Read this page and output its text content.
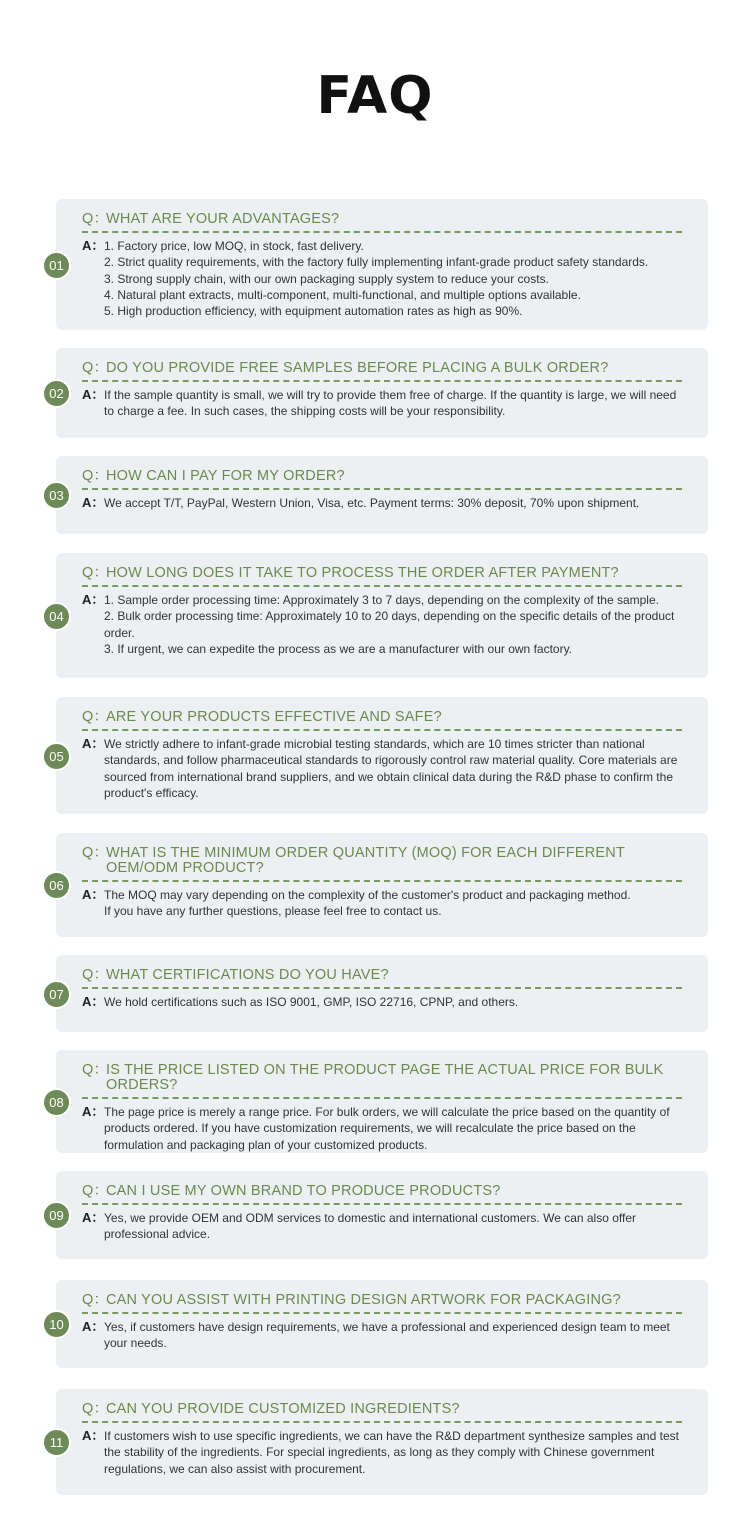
FAQ
01
Q：
WHAT ARE YOUR ADVANTAGES?
A： 1. Factory price, low MOQ, in stock, fast delivery.
2. Strict quality requirements, with the factory fully implementing infant-grade product safety standards.
3. Strong supply chain, with our own packaging supply system to reduce your costs.
4. Natural plant extracts, multi-component, multi-functional, and multiple options available.
5. High production efficiency, with equipment automation rates as high as 90%.
02
Q：
DO YOU PROVIDE FREE SAMPLES BEFORE PLACING A BULK ORDER?
A： If the sample quantity is small, we will try to provide them free of charge. If the quantity is large, we will need to charge a fee. In such cases, the shipping costs will be your responsibility.
03
Q：
HOW CAN I PAY FOR MY ORDER?
A： We accept T/T, PayPal, Western Union, Visa, etc. Payment terms: 30% deposit, 70% upon shipment.
04
Q：
HOW LONG DOES IT TAKE TO PROCESS THE ORDER AFTER PAYMENT?
A： 1. Sample order processing time: Approximately 3 to 7 days, depending on the complexity of the sample.
2. Bulk order processing time: Approximately 10 to 20 days, depending on the specific details of the product order.
3. If urgent, we can expedite the process as we are a manufacturer with our own factory.
05
Q：
ARE YOUR PRODUCTS EFFECTIVE AND SAFE?
A： We strictly adhere to infant-grade microbial testing standards, which are 10 times stricter than national standards, and follow pharmaceutical standards to rigorously control raw material quality. Core materials are sourced from international brand suppliers, and we obtain clinical data during the R&D phase to confirm the product's efficacy.
06
Q：
WHAT IS THE MINIMUM ORDER QUANTITY (MOQ) FOR EACH DIFFERENT OEM/ODM PRODUCT?
A： The MOQ may vary depending on the complexity of the customer's product and packaging method.
If you have any further questions, please feel free to contact us.
07
Q：
WHAT CERTIFICATIONS DO YOU HAVE?
A： We hold certifications such as ISO 9001, GMP, ISO 22716, CPNP, and others.
08
Q：
IS THE PRICE LISTED ON THE PRODUCT PAGE THE ACTUAL PRICE FOR BULK ORDERS?
A： The page price is merely a range price. For bulk orders, we will calculate the price based on the quantity of products ordered. If you have customization requirements, we will recalculate the price based on the formulation and packaging plan of your customized products.
09
Q：
CAN I USE MY OWN BRAND TO PRODUCE PRODUCTS?
A： Yes, we provide OEM and ODM services to domestic and international customers. We can also offer professional advice.
10
Q：
CAN YOU ASSIST WITH PRINTING DESIGN ARTWORK FOR PACKAGING?
A： Yes, if customers have design requirements, we have a professional and experienced design team to meet your needs.
11
Q：
CAN YOU PROVIDE CUSTOMIZED INGREDIENTS?
A： If customers wish to use specific ingredients, we can have the R&D department synthesize samples and test the stability of the ingredients. For special ingredients, as long as they comply with Chinese government regulations, we can also assist with procurement.
